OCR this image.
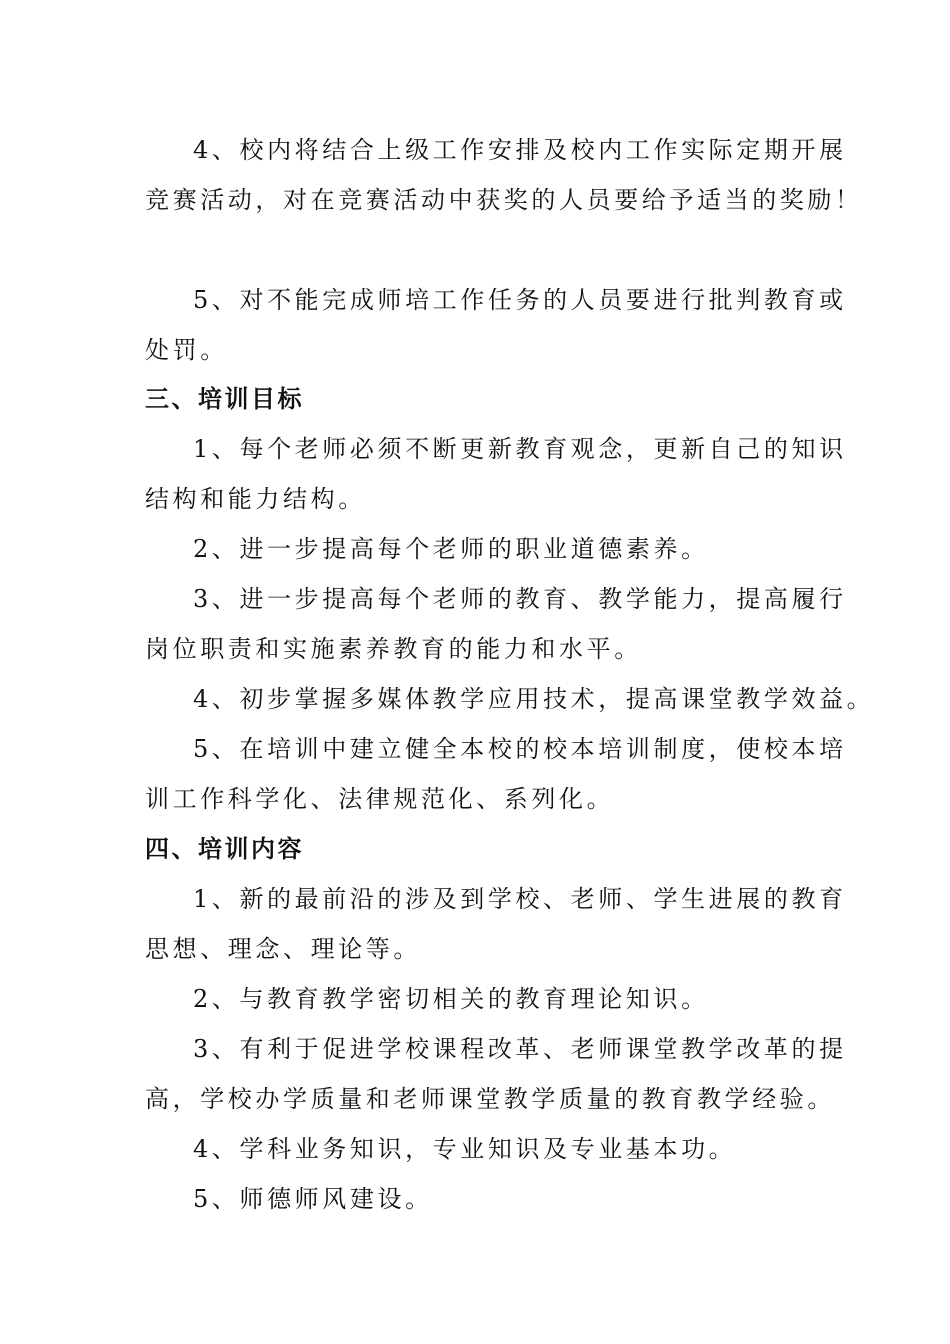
4、校内将结合上级工作安排及校内工作实际定期开展
竞赛活动，对在竞赛活动中获奖的人员要给予适当的奖励！
5、对不能完成师培工作任务的人员要进行批判教育或
处罚。
三、培训目标
1、每个老师必须不断更新教育观念，更新自己的知识
结构和能力结构。
2、进一步提高每个老师的职业道德素养。
3、进一步提高每个老师的教育、教学能力，提高履行
岗位职责和实施素养教育的能力和水平。
4、初步掌握多媒体教学应用技术，提高课堂教学效益。
5、在培训中建立健全本校的校本培训制度，使校本培
训工作科学化、法律规范化、系列化。
四、培训内容
1、新的最前沿的涉及到学校、老师、学生进展的教育
思想、理念、理论等。
2、与教育教学密切相关的教育理论知识。
3、有利于促进学校课程改革、老师课堂教学改革的提
高，学校办学质量和老师课堂教学质量的教育教学经验。
4、学科业务知识，专业知识及专业基本功。
5、师德师风建设。
